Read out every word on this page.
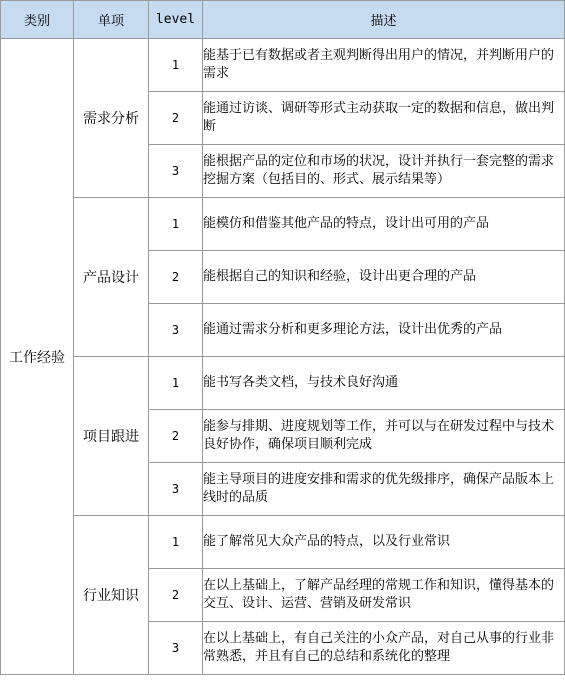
类别	单项	level	描述
工作经验	需求分析	1	能基于已有数据或者主观判断得出用户的情况，并判断用户的需求
		2	能通过访谈、调研等形式主动获取一定的数据和信息，做出判断
		3	能根据产品的定位和市场的状况，设计并执行一套完整的需求挖掘方案（包括目的、形式、展示结果等）
	产品设计	1	能模仿和借鉴其他产品的特点，设计出可用的产品
		2	能根据自己的知识和经验，设计出更合理的产品
		3	能通过需求分析和更多理论方法，设计出优秀的产品
	项目跟进	1	能书写各类文档，与技术良好沟通
		2	能参与排期、进度规划等工作，并可以与在研发过程中与技术良好协作，确保项目顺利完成
		3	能主导项目的进度安排和需求的优先级排序，确保产品版本上线时的品质
	行业知识	1	能了解常见大众产品的特点，以及行业常识
		2	在以上基础上，了解产品经理的常规工作和知识，懂得基本的交互、设计、运营、营销及研发常识
		3	在以上基础上，有自己关注的小众产品，对自己从事的行业非常熟悉，并且有自己的总结和系统化的整理
